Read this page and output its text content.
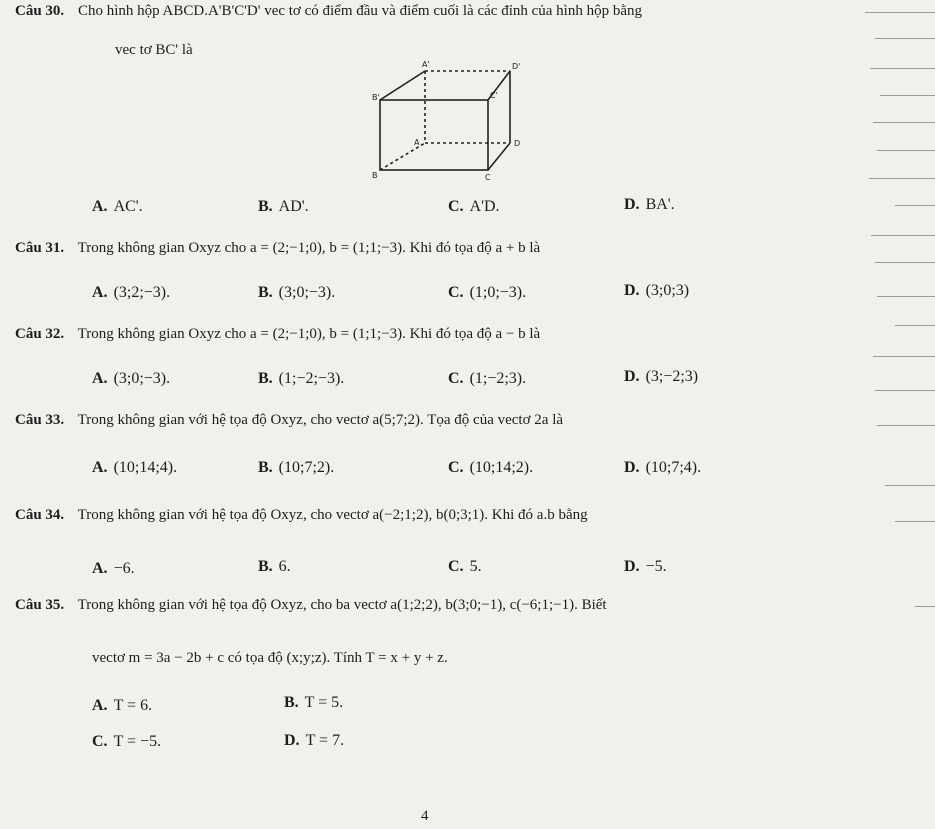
Câu 30. Cho hình hộp ABCD.A'B'C'D' vec tơ có điểm đầu và điểm cuối là các đỉnh của hình hộp bằng
vec tơ BC' là
A'	D'
B'	C'
A	D
B	C
A. AC'.	B. AD'.	C. A'D.	D. BA'.
Câu 31. Trong không gian Oxyz cho a = (2;−1;0), b = (1;1;−3). Khi đó tọa độ a + b là
A. (3;2;−3).	B. (3;0;−3).	C. (1;0;−3).	D. (3;0;3)
Câu 32. Trong không gian Oxyz cho a = (2;−1;0), b = (1;1;−3). Khi đó tọa độ a − b là
A. (3;0;−3).	B. (1;−2;−3).	C. (1;−2;3).	D. (3;−2;3)
Câu 33. Trong không gian với hệ tọa độ Oxyz, cho vectơ a(5;7;2). Tọa độ của vectơ 2a là
A. (10;14;4).	B. (10;7;2).	C. (10;14;2).	D. (10;7;4).
Câu 34. Trong không gian với hệ tọa độ Oxyz, cho vectơ a(−2;1;2), b(0;3;1). Khi đó a.b bằng
A. −6.	B. 6.	C. 5.	D. −5.
Câu 35. Trong không gian với hệ tọa độ Oxyz, cho ba vectơ a(1;2;2), b(3;0;−1), c(−6;1;−1). Biết
vectơ m = 3a − 2b + c có tọa độ (x;y;z). Tính T = x + y + z.
A. T = 6.	B. T = 5.
C. T = −5.	D. T = 7.
4
